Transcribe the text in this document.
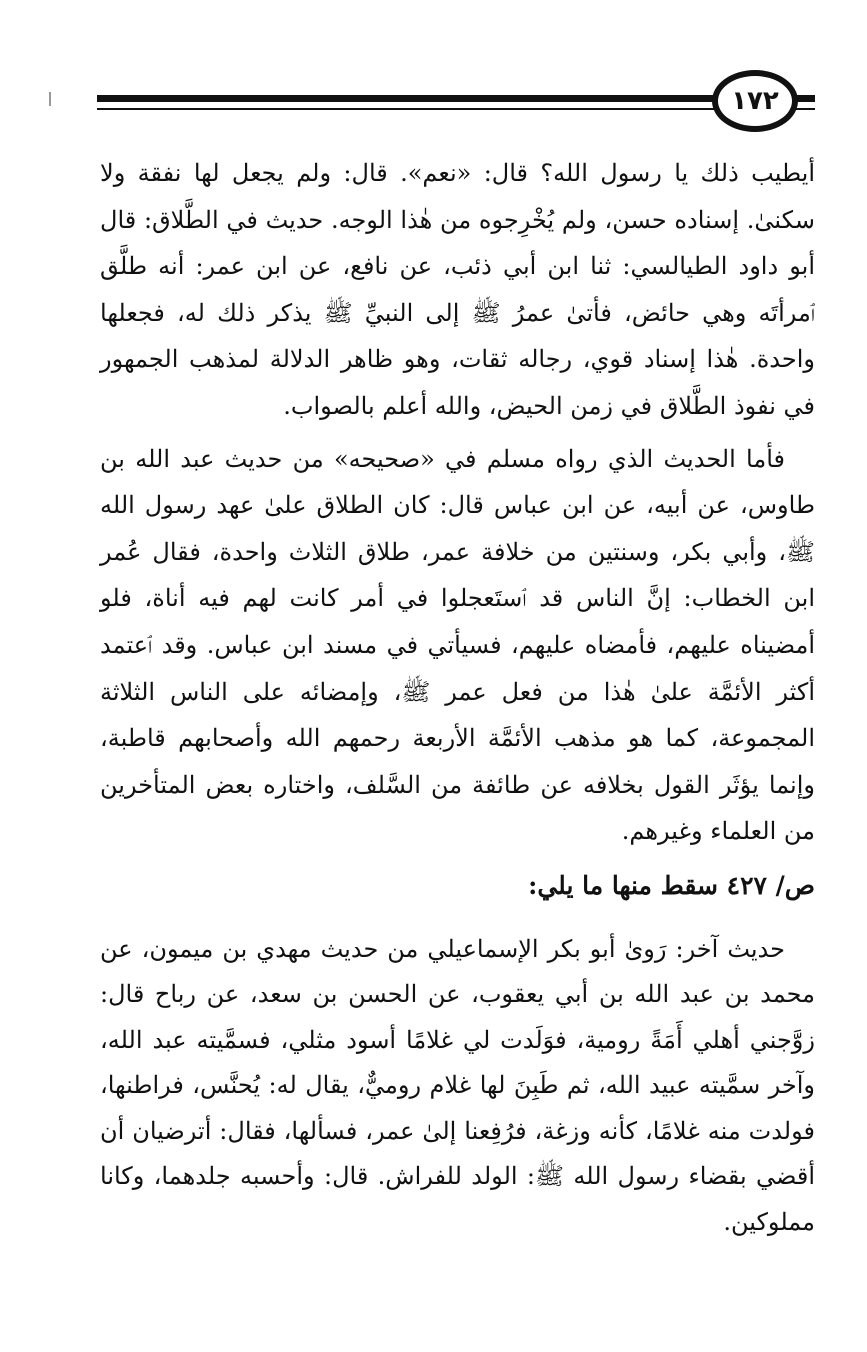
١٧٢

أيطيب ذلك يا رسول الله؟ قال: «نعم». قال: ولم يجعل لها نفقة ولا سكنىٰ. إسناده حسن، ولم يُخْرِجوه من هٰذا الوجه. حديث في الطَّلاق: قال أبو داود الطيالسي: ثنا ابن أبي ذئب، عن نافع، عن ابن عمر: أنه طلَّق ٱمرأتَه وهي حائض، فأتىٰ عمرُ ﷺ إلى النبيِّ ﷺ يذكر ذلك له، فجعلها واحدة. هٰذا إسناد قوي، رجاله ثقات، وهو ظاهر الدلالة لمذهب الجمهور في نفوذ الطَّلاق في زمن الحيض، والله أعلم بالصواب.

فأما الحديث الذي رواه مسلم في «صحيحه» من حديث عبد الله بن طاوس، عن أبيه، عن ابن عباس قال: كان الطلاق علىٰ عهد رسول الله ﷺ، وأبي بكر، وسنتين من خلافة عمر، طلاق الثلاث واحدة، فقال عُمر ابن الخطاب: إنَّ الناس قد ٱستَعجلوا في أمر كانت لهم فيه أناة، فلو أمضيناه عليهم، فأمضاه عليهم، فسيأتي في مسند ابن عباس. وقد ٱعتمد أكثر الأئمَّة علىٰ هٰذا من فعل عمر ﷺ، وإمضائه على الناس الثلاثة المجموعة، كما هو مذهب الأئمَّة الأربعة رحمهم الله وأصحابهم قاطبة، وإنما يؤثَر القول بخلافه عن طائفة من السَّلف، واختاره بعض المتأخرين من العلماء وغيرهم.

ص/ ٤٢٧ سقط منها ما يلي:

حديث آخر: رَوىٰ أبو بكر الإسماعيلي من حديث مهدي بن ميمون، عن محمد بن عبد الله بن أبي يعقوب، عن الحسن بن سعد، عن رباح قال: زوَّجني أهلي أَمَةً رومية، فوَلَدت لي غلامًا أسود مثلي، فسمَّيته عبد الله، وآخر سمَّيته عبيد الله، ثم طَبِنَ لها غلام روميٌّ، يقال له: يُحنَّس، فراطنها، فولدت منه غلامًا، كأنه وزغة، فرُفِعنا إلىٰ عمر، فسألها، فقال: أترضيان أن أقضي بقضاء رسول الله ﷺ: الولد للفراش. قال: وأحسبه جلدهما، وكانا مملوكين.
